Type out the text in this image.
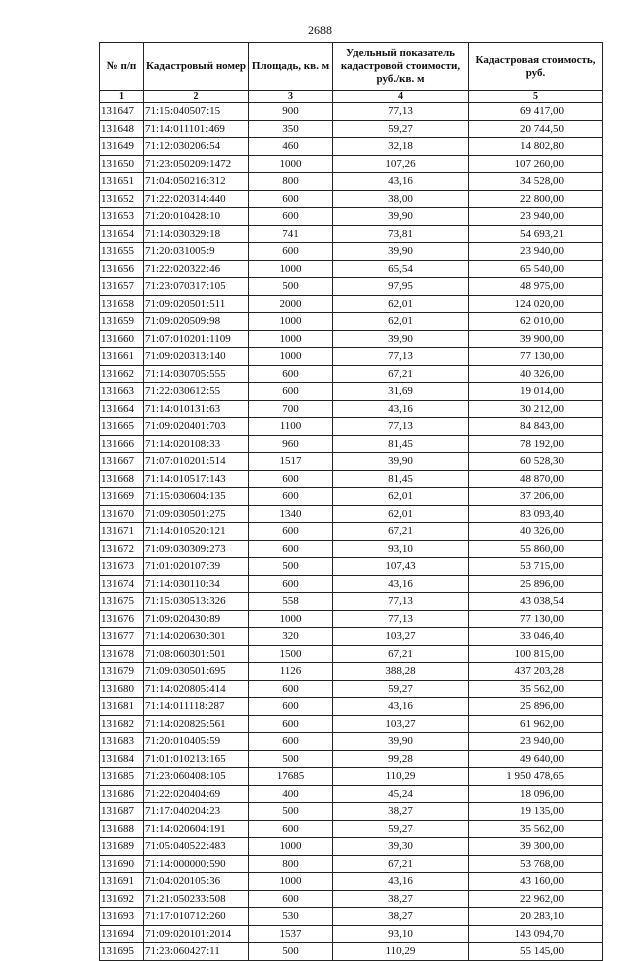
2688
№ п/п	Кадастровый номер	Площадь, кв. м	Удельный показатель кадастровой стоимости, руб./кв. м	Кадастровая стоимость, руб.
1	2	3	4	5
131647	71:15:040507:15	900	77,13	69 417,00
131648	71:14:011101:469	350	59,27	20 744,50
131649	71:12:030206:54	460	32,18	14 802,80
131650	71:23:050209:1472	1000	107,26	107 260,00
131651	71:04:050216:312	800	43,16	34 528,00
131652	71:22:020314:440	600	38,00	22 800,00
131653	71:20:010428:10	600	39,90	23 940,00
131654	71:14:030329:18	741	73,81	54 693,21
131655	71:20:031005:9	600	39,90	23 940,00
131656	71:22:020322:46	1000	65,54	65 540,00
131657	71:23:070317:105	500	97,95	48 975,00
131658	71:09:020501:511	2000	62,01	124 020,00
131659	71:09:020509:98	1000	62,01	62 010,00
131660	71:07:010201:1109	1000	39,90	39 900,00
131661	71:09:020313:140	1000	77,13	77 130,00
131662	71:14:030705:555	600	67,21	40 326,00
131663	71:22:030612:55	600	31,69	19 014,00
131664	71:14:010131:63	700	43,16	30 212,00
131665	71:09:020401:703	1100	77,13	84 843,00
131666	71:14:020108:33	960	81,45	78 192,00
131667	71:07:010201:514	1517	39,90	60 528,30
131668	71:14:010517:143	600	81,45	48 870,00
131669	71:15:030604:135	600	62,01	37 206,00
131670	71:09:030501:275	1340	62,01	83 093,40
131671	71:14:010520:121	600	67,21	40 326,00
131672	71:09:030309:273	600	93,10	55 860,00
131673	71:01:020107:39	500	107,43	53 715,00
131674	71:14:030110:34	600	43,16	25 896,00
131675	71:15:030513:326	558	77,13	43 038,54
131676	71:09:020430:89	1000	77,13	77 130,00
131677	71:14:020630:301	320	103,27	33 046,40
131678	71:08:060301:501	1500	67,21	100 815,00
131679	71:09:030501:695	1126	388,28	437 203,28
131680	71:14:020805:414	600	59,27	35 562,00
131681	71:14:011118:287	600	43,16	25 896,00
131682	71:14:020825:561	600	103,27	61 962,00
131683	71:20:010405:59	600	39,90	23 940,00
131684	71:01:010213:165	500	99,28	49 640,00
131685	71:23:060408:105	17685	110,29	1 950 478,65
131686	71:22:020404:69	400	45,24	18 096,00
131687	71:17:040204:23	500	38,27	19 135,00
131688	71:14:020604:191	600	59,27	35 562,00
131689	71:05:040522:483	1000	39,30	39 300,00
131690	71:14:000000:590	800	67,21	53 768,00
131691	71:04:020105:36	1000	43,16	43 160,00
131692	71:21:050233:508	600	38,27	22 962,00
131693	71:17:010712:260	530	38,27	20 283,10
131694	71:09:020101:2014	1537	93,10	143 094,70
131695	71:23:060427:11	500	110,29	55 145,00
